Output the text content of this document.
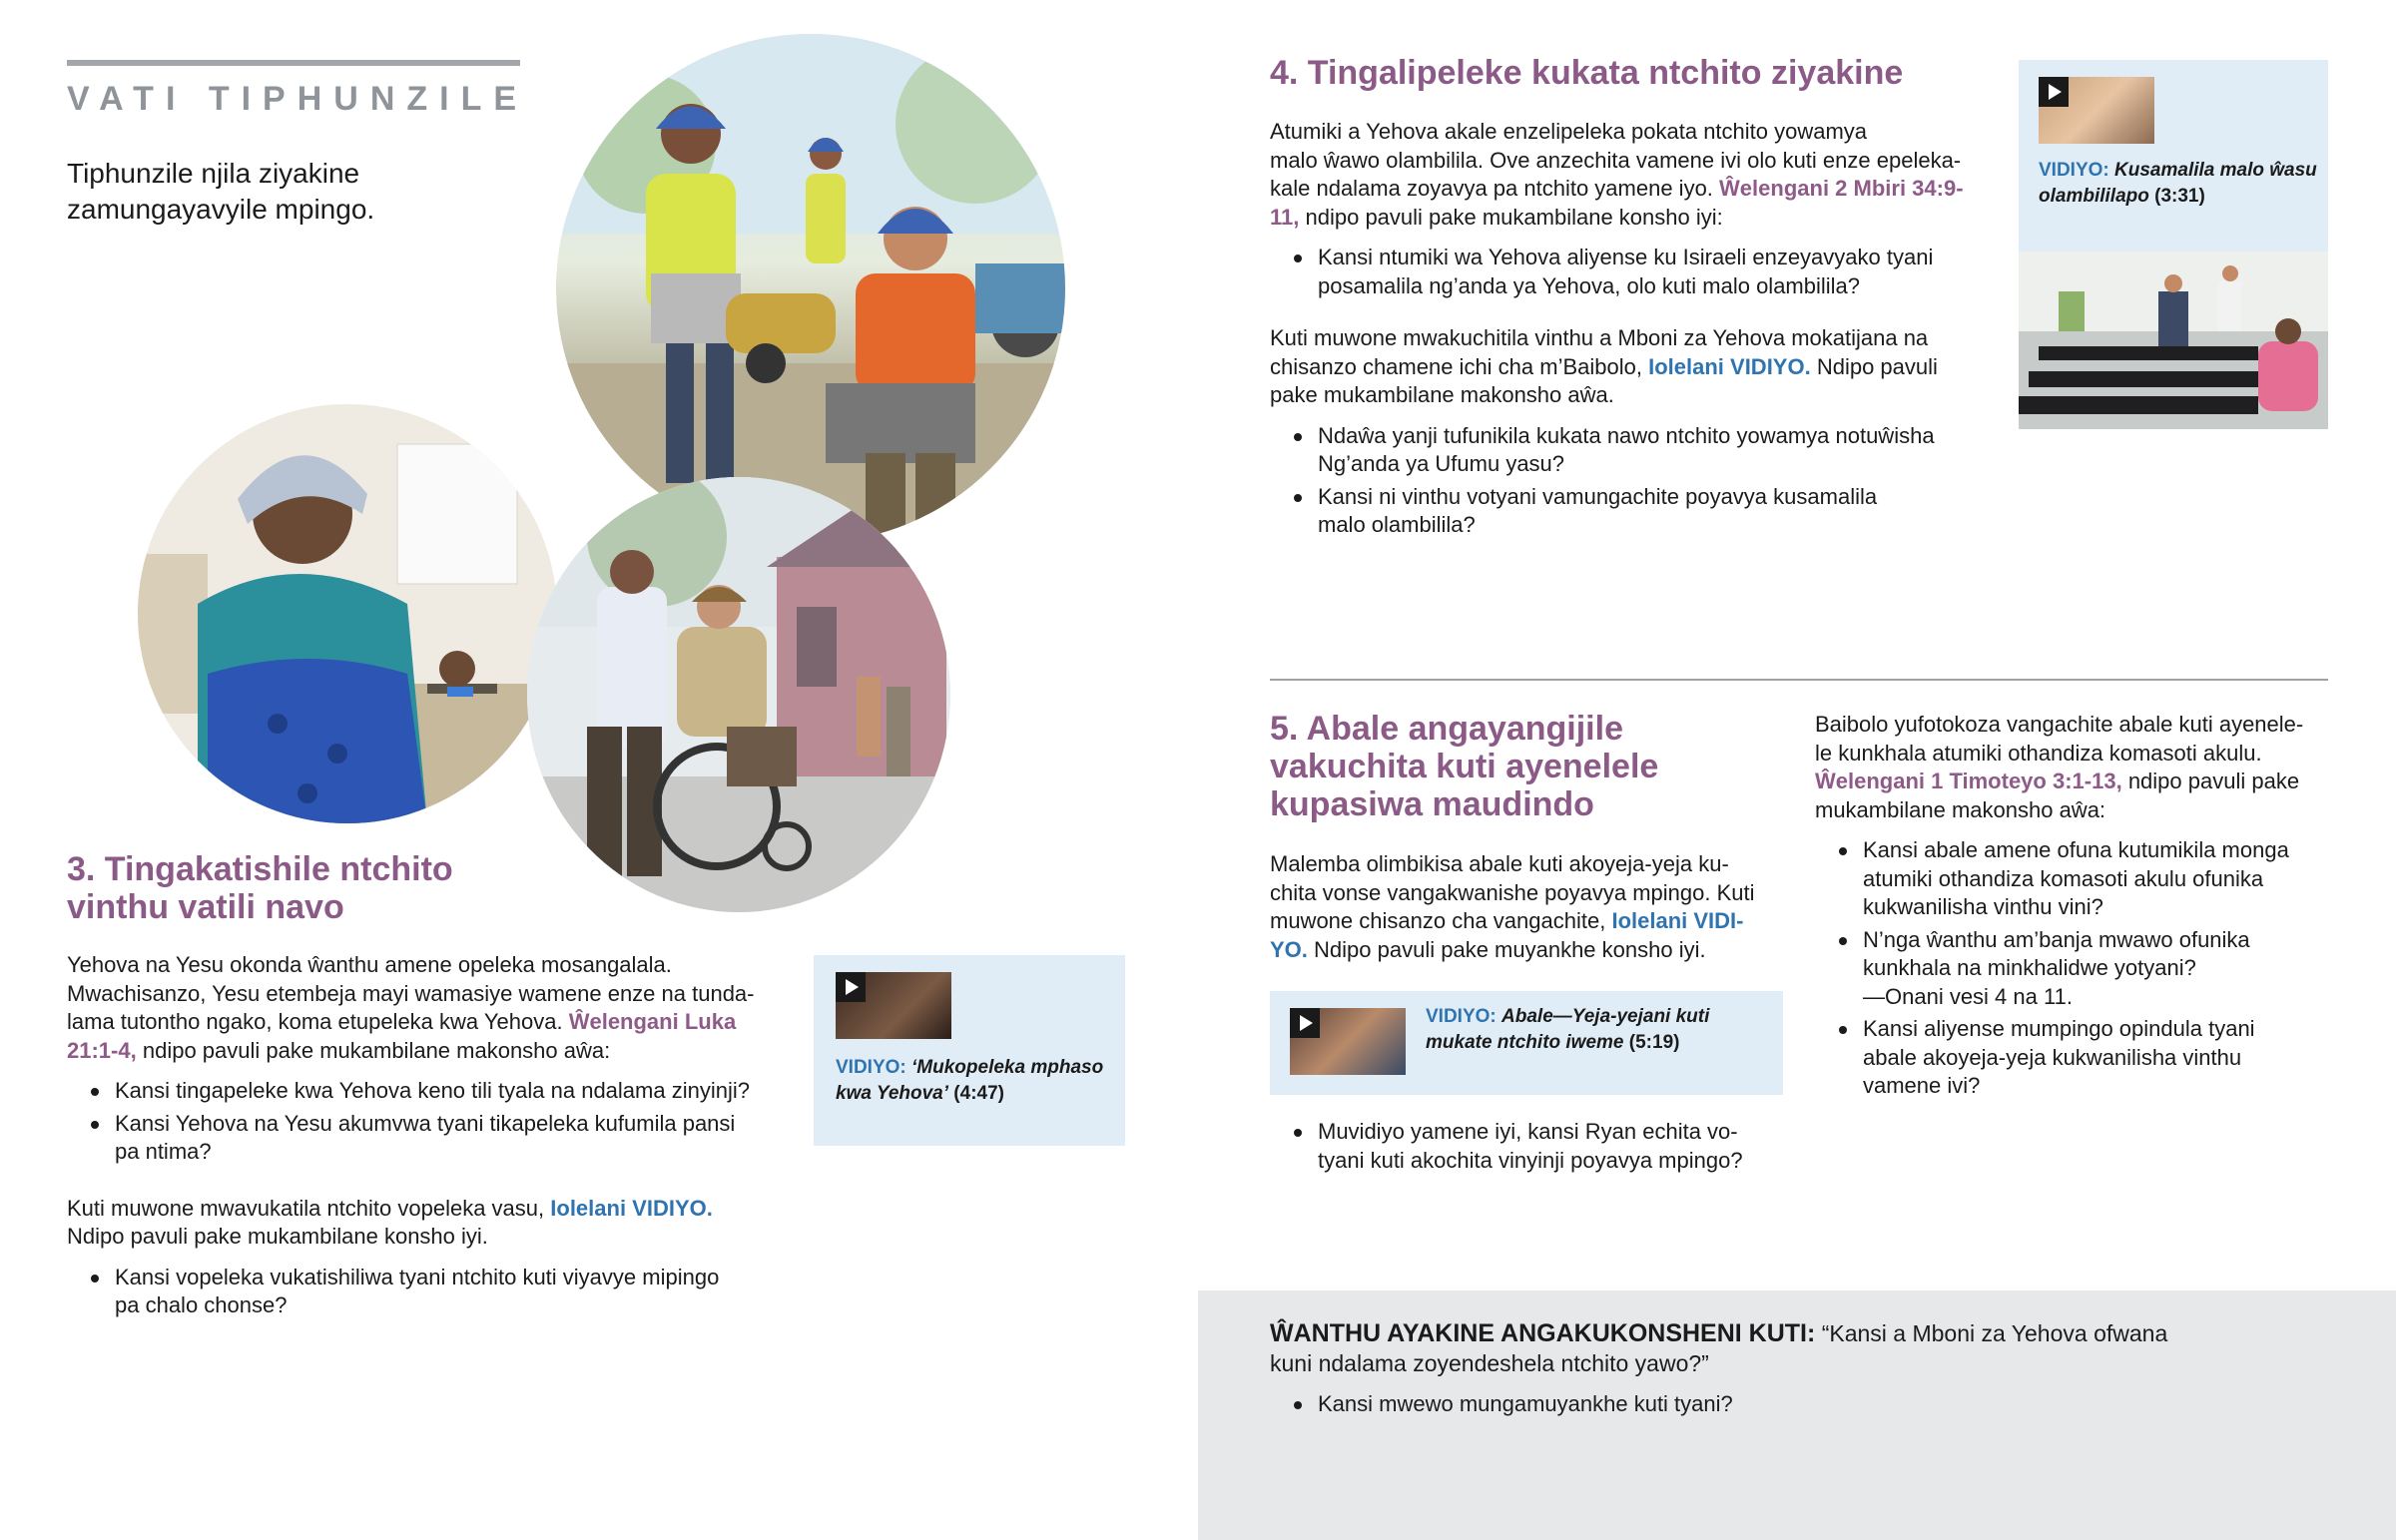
VATI TIPHUNZILE
Tiphunzile njila ziyakine
zamungayavyile mpingo.
3. Tingakatishile ntchito
vinthu vatili navo

Yehova na Yesu okonda ŵanthu amene opeleka mosangalala.
Mwachisanzo, Yesu etembeja mayi wamasiye wamene enze na tunda-
lama tutontho ngako, koma etupeleka kwa Yehova. Ŵelengani Luka
21:1-4, ndipo pavuli pake mukambilane makonsho aŵa:

Kansi tingapeleke kwa Yehova keno tili tyala na ndalama zinyinji?
Kansi Yehova na Yesu akumvwa tyani tikapeleka kufumila pansi
pa ntima?

Kuti muwone mwavukatila ntchito vopeleka vasu, Iolelani VIDIYO.
Ndipo pavuli pake mukambilane konsho iyi.

Kansi vopeleka vukatishiliwa tyani ntchito kuti viyavye mipingo
pa chalo chonse?
VIDIYO: ‘Mukopeleka mphaso
kwa Yehova’ (4:47)
4. Tingalipeleke kukata ntchito ziyakine

Atumiki a Yehova akale enzelipeleka pokata ntchito yowamya
malo ŵawo olambilila. Ove anzechita vamene ivi olo kuti enze epeleka-
kale ndalama zoyavya pa ntchito yamene iyo. Ŵelengani 2 Mbiri 34:9-
11, ndipo pavuli pake mukambilane konsho iyi:

Kansi ntumiki wa Yehova aliyense ku Isiraeli enzeyavyako tyani
posamalila ng’anda ya Yehova, olo kuti malo olambilila?

Kuti muwone mwakuchitila vinthu a Mboni za Yehova mokatijana na
chisanzo chamene ichi cha m’Baibolo, Iolelani VIDIYO. Ndipo pavuli
pake mukambilane makonsho aŵa.

Ndaŵa yanji tufunikila kukata nawo ntchito yowamya notuŵisha
Ng’anda ya Ufumu yasu?
Kansi ni vinthu votyani vamungachite poyavya kusamalila
malo olambilila?
VIDIYO: Kusamalila malo ŵasu
olambililapo (3:31)
5. Abale angayangijile
vakuchita kuti ayenelele
kupasiwa maudindo

Malemba olimbikisa abale kuti akoyeja-yeja ku-
chita vonse vangakwanishe poyavya mpingo. Kuti
muwone chisanzo cha vangachite, Iolelani VIDI-
YO. Ndipo pavuli pake muyankhe konsho iyi.

VIDIYO: Abale—Yeja-yejani kuti
mukate ntchito iweme (5:19)
Muvidiyo yamene iyi, kansi Ryan echita vo-
tyani kuti akochita vinyinji poyavya mpingo?

Baibolo yufotokoza vangachite abale kuti ayenele-
le kunkhala atumiki othandiza komasoti akulu.
Ŵelengani 1 Timoteyo 3:1-13, ndipo pavuli pake
mukambilane makonsho aŵa:

Kansi abale amene ofuna kutumikila monga
atumiki othandiza komasoti akulu ofunika
kukwanilisha vinthu vini?
N’nga ŵanthu am’banja mwawo ofunika
kunkhala na minkhalidwe yotyani?
—Onani vesi 4 na 11.
Kansi aliyense mumpingo opindula tyani
abale akoyeja-yeja kukwanilisha vinthu
vamene ivi?
ŴANTHU AYAKINE ANGAKUKONSHENI KUTI: “Kansi a Mboni za Yehova ofwana
kuni ndalama zoyendeshela ntchito yawo?”
Kansi mwewo mungamuyankhe kuti tyani?
